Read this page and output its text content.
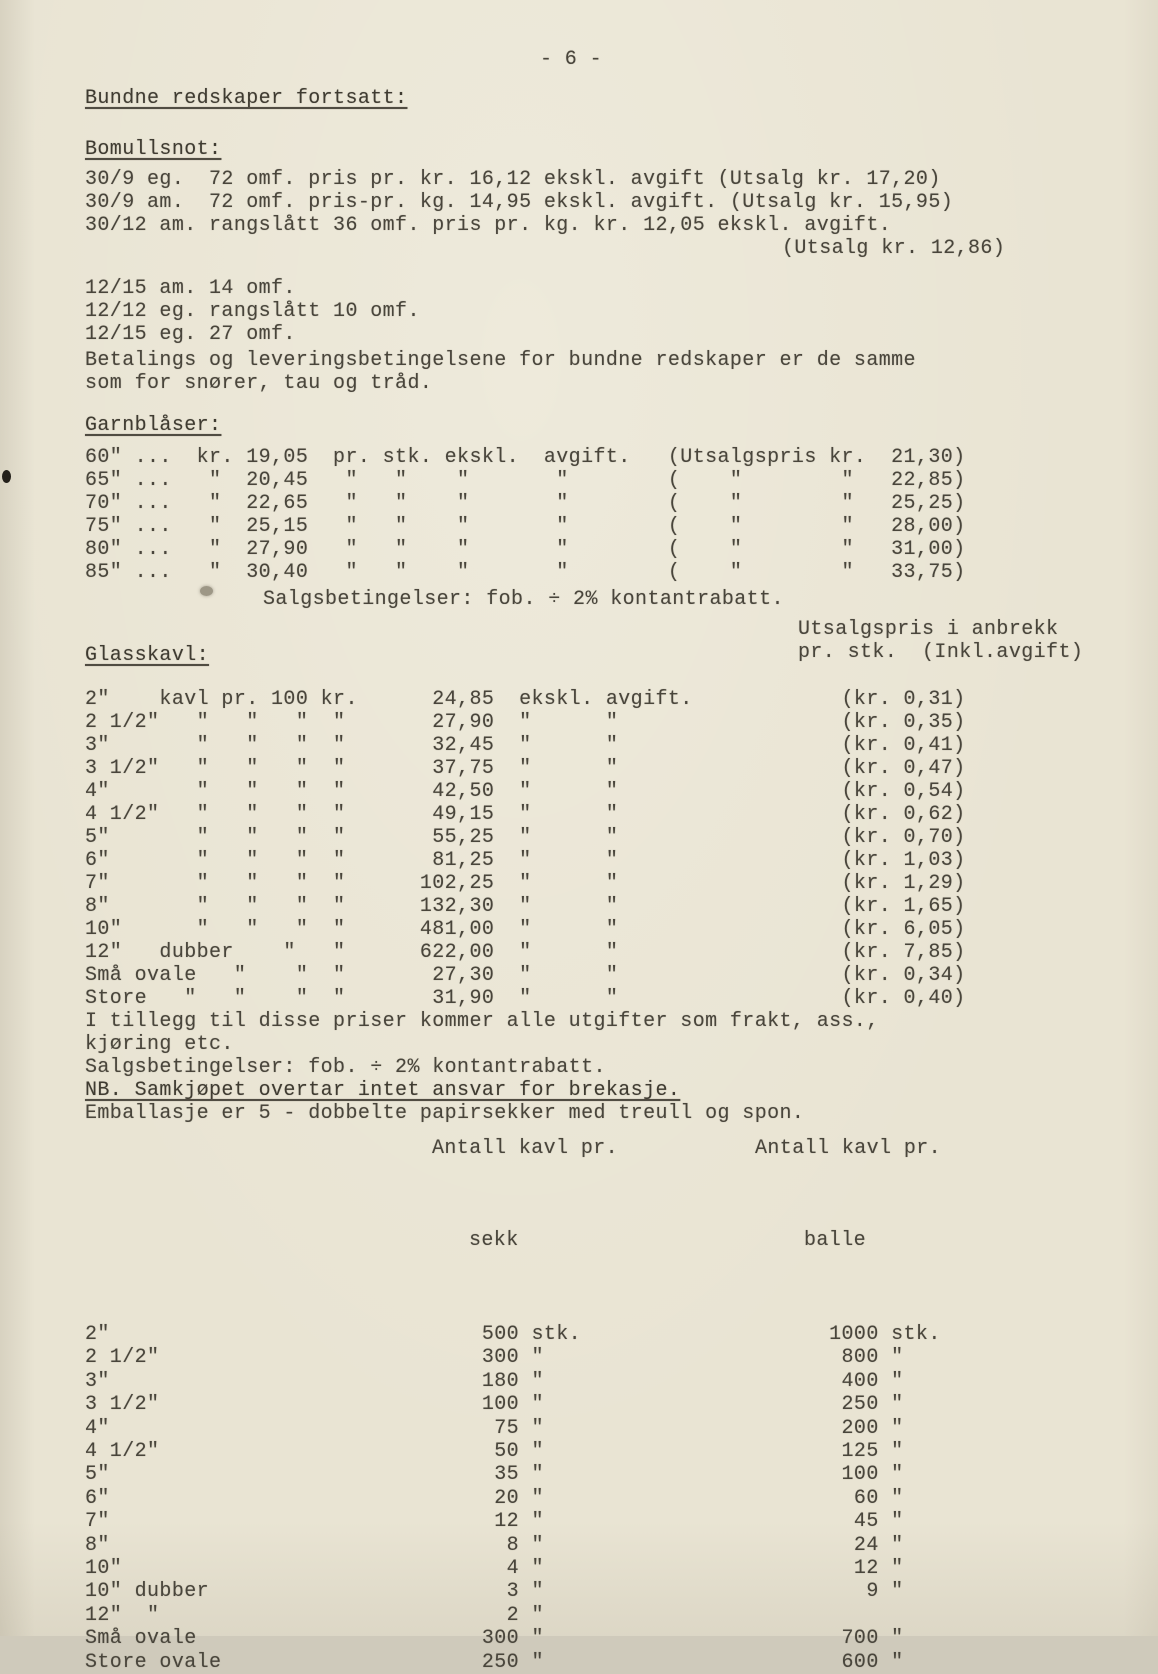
- 6 -
Bundne redskaper fortsatt:
Bomullsnot:
30/9 eg.  72 omf. pris pr. kr. 16,12 ekskl. avgift (Utsalg kr. 17,20)
30/9 am.  72 omf. pris-pr. kg. 14,95 ekskl. avgift. (Utsalg kr. 15,95)
30/12 am. rangslått 36 omf. pris pr. kg. kr. 12,05 ekskl. avgift.
(Utsalg kr. 12,86)
12/15 am. 14 omf.
12/12 eg. rangslått 10 omf.
12/15 eg. 27 omf.
Betalings og leveringsbetingelsene for bundne redskaper er de samme
som for snører, tau og tråd.
Garnblåser:
60" ...  kr. 19,05  pr. stk. ekskl.  avgift.   (Utsalgspris kr.  21,30)
65" ...   "  20,45   "   "    "       "        (    "        "   22,85)
70" ...   "  22,65   "   "    "       "        (    "        "   25,25)
75" ...   "  25,15   "   "    "       "        (    "        "   28,00)
80" ...   "  27,90   "   "    "       "        (    "        "   31,00)
85" ...   "  30,40   "   "    "       "        (    "        "   33,75)
Salgsbetingelser: fob. ÷ 2% kontantrabatt.
Glasskavl:
2"    kavl pr. 100 kr.      24,85  ekskl. avgift.            (kr. 0,31)
2 1/2"   "   "   "  "       27,90  "      "                  (kr. 0,35)
3"       "   "   "  "       32,45  "      "                  (kr. 0,41)
3 1/2"   "   "   "  "       37,75  "      "                  (kr. 0,47)
4"       "   "   "  "       42,50  "      "                  (kr. 0,54)
4 1/2"   "   "   "  "       49,15  "      "                  (kr. 0,62)
5"       "   "   "  "       55,25  "      "                  (kr. 0,70)
6"       "   "   "  "       81,25  "      "                  (kr. 1,03)
7"       "   "   "  "      102,25  "      "                  (kr. 1,29)
8"       "   "   "  "      132,30  "      "                  (kr. 1,65)
10"      "   "   "  "      481,00  "      "                  (kr. 6,05)
12"   dubber    "   "      622,00  "      "                  (kr. 7,85)
Små ovale   "    "  "       27,30  "      "                  (kr. 0,34)
Store   "   "    "  "       31,90  "      "                  (kr. 0,40)
I tillegg til disse priser kommer alle utgifter som frakt, ass.,
kjøring etc.
Salgsbetingelser: fob. ÷ 2% kontantrabatt.
NB. Samkjøpet overtar intet ansvar for brekasje.
Emballasje er 5 - dobbelte papirsekker med treull og spon.

Antall kavl pr.

	Antall kavl pr.

sekk

	balle

2"                              500 stk.                    1000 stk.
2 1/2"                          300 "                        800 "
3"                              180 "                        400 "
3 1/2"                          100 "                        250 "
4"                               75 "                        200 "
4 1/2"                           50 "                        125 "
5"                               35 "                        100 "
6"                               20 "                         60 "
7"                               12 "                         45 "
8"                                8 "                         24 "
10"                               4 "                         12 "
10" dubber                        3 "                          9 "
12"  "                            2 "
Små ovale                       300 "                        700 "
Store ovale                     250 "                        600 "
Utsalgspris i anbrekk
pr. stk.  (Inkl.avgift)
